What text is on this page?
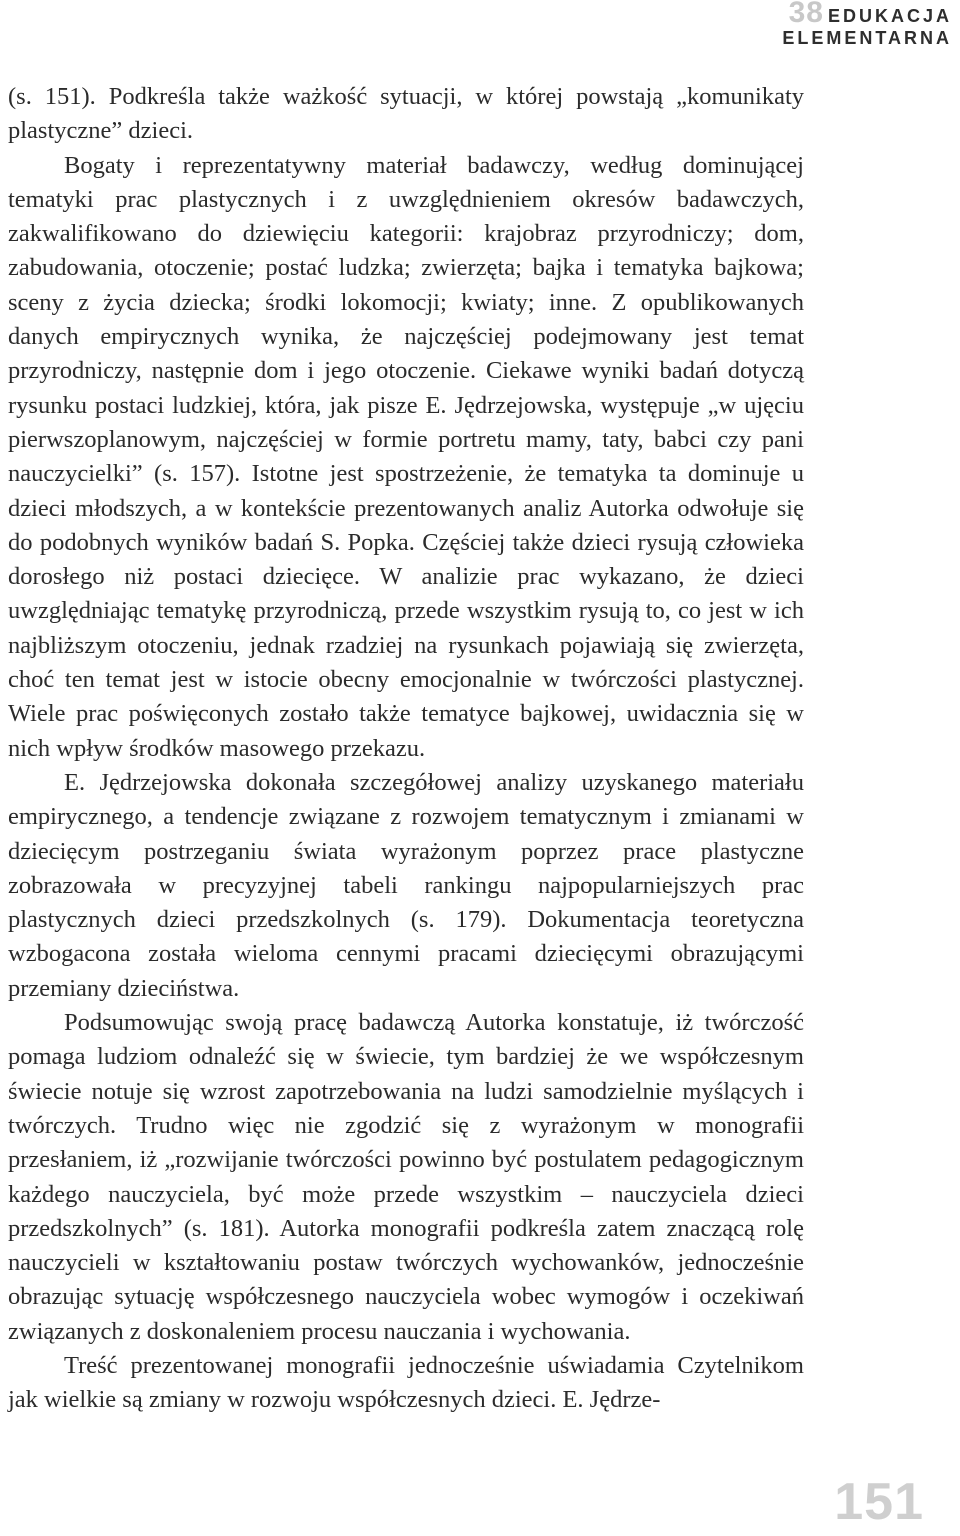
38 EDUKACJA
ELEMENTARNA

(s. 151). Podkreśla także ważkość sytuacji, w której powstają „komunikaty plastyczne” dzieci.

Bogaty i reprezentatywny materiał badawczy, według dominującej tematyki prac plastycznych i z uwzględnieniem okresów badawczych, zakwalifikowano do dziewięciu kategorii: krajobraz przyrodniczy; dom, zabudowania, otoczenie; postać ludzka; zwierzęta; bajka i tematyka bajkowa; sceny z życia dziecka; środki lokomocji; kwiaty; inne. Z opublikowanych danych empirycznych wynika, że najczęściej podejmowany jest temat przyrodniczy, następnie dom i jego otoczenie. Ciekawe wyniki badań dotyczą rysunku postaci ludzkiej, która, jak pisze E. Jędrzejowska, występuje „w ujęciu pierwszoplanowym, najczęściej w formie portretu mamy, taty, babci czy pani nauczycielki” (s. 157). Istotne jest spostrzeżenie, że tematyka ta dominuje u dzieci młodszych, a w kontekście prezentowanych analiz Autorka odwołuje się do podobnych wyników badań S. Popka. Częściej także dzieci rysują człowieka dorosłego niż postaci dziecięce. W analizie prac wykazano, że dzieci uwzględniając tematykę przyrodniczą, przede wszystkim rysują to, co jest w ich najbliższym otoczeniu, jednak rzadziej na rysunkach pojawiają się zwierzęta, choć ten temat jest w istocie obecny emocjonalnie w twórczości plastycznej. Wiele prac poświęconych zostało także tematyce bajkowej, uwidacznia się w nich wpływ środków masowego przekazu.

E. Jędrzejowska dokonała szczegółowej analizy uzyskanego materiału empirycznego, a tendencje związane z rozwojem tematycznym i zmianami w dziecięcym postrzeganiu świata wyrażonym poprzez prace plastyczne zobrazowała w precyzyjnej tabeli rankingu najpopularniejszych prac plastycznych dzieci przedszkolnych (s. 179). Dokumentacja teoretyczna wzbogacona została wieloma cennymi pracami dziecięcymi obrazującymi przemiany dzieciństwa.

Podsumowując swoją pracę badawczą Autorka konstatuje, iż twórczość pomaga ludziom odnaleźć się w świecie, tym bardziej że we współczesnym świecie notuje się wzrost zapotrzebowania na ludzi samodzielnie myślących i twórczych. Trudno więc nie zgodzić się z wyrażonym w monografii przesłaniem, iż „rozwijanie twórczości powinno być postulatem pedagogicznym każdego nauczyciela, być może przede wszystkim – nauczyciela dzieci przedszkolnych” (s. 181). Autorka monografii podkreśla zatem znaczącą rolę nauczycieli w kształtowaniu postaw twórczych wychowanków, jednocześnie obrazując sytuację współczesnego nauczyciela wobec wymogów i oczekiwań związanych z doskonaleniem procesu nauczania i wychowania.

Treść prezentowanej monografii jednocześnie uświadamia Czytelnikom jak wielkie są zmiany w rozwoju współczesnych dzieci. E. Jędrze-

151
